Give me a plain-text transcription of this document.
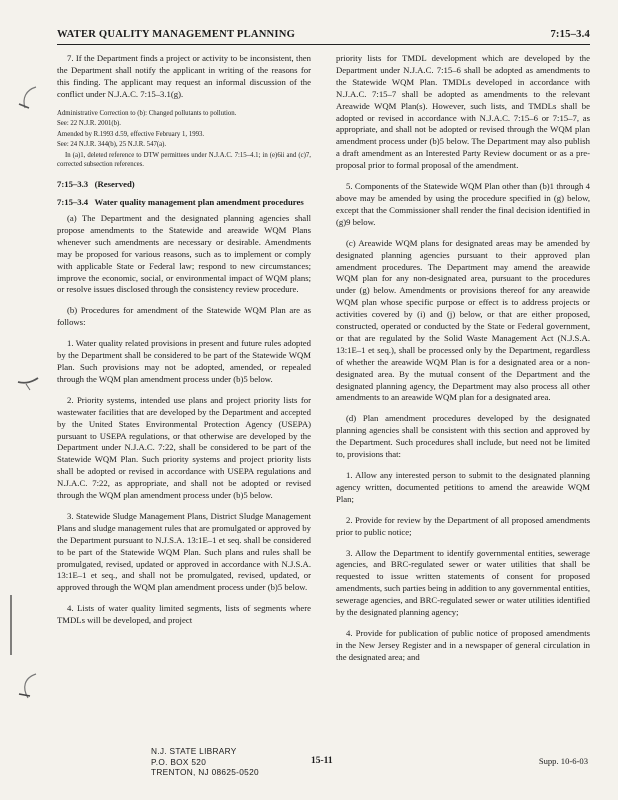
WATER QUALITY MANAGEMENT PLANNING	7:15–3.4

7. If the Department finds a project or activity to be inconsistent, then the Department shall notify the applicant in writing of the reasons for this finding. The applicant may request an informal discussion of the conflict under N.J.A.C. 7:15–3.1(g).

Administrative Correction to (b): Changed pollutants to pollution.

See: 22 N.J.R. 2001(b).

Amended by R.1993 d.59, effective February 1, 1993.

See: 24 N.J.R. 344(b), 25 N.J.R. 547(a).

In (a)1, deleted reference to DTW permittees under N.J.A.C. 7:15–4.1; in (e)6ii and (c)7, corrected subsection references.

7:15–3.3   (Reserved)

7:15–3.4   Water quality management plan amendment procedures

(a) The Department and the designated planning agencies shall propose amendments to the Statewide and areawide WQM Plans whenever such amendments are necessary or desirable. Amendments may be proposed for various reasons, such as to implement or comply with applicable State or Federal law; respond to new circumstances; improve the economic, social, or environmental impact of WQM plans; or resolve issues disclosed through the consistency review procedure.

(b) Procedures for amendment of the Statewide WQM Plan are as follows:

1. Water quality related provisions in present and future rules adopted by the Department shall be considered to be part of the Statewide WQM Plan. Such provisions may not be adopted, amended, or repealed through the WQM plan amendment process under (b)5 below.

2. Priority systems, intended use plans and project priority lists for wastewater facilities that are developed by the Department and accepted by the United States Environmental Protection Agency (USEPA) pursuant to USEPA regulations, or that otherwise are developed by the Department under N.J.A.C. 7:22, shall be considered to be part of the Statewide WQM Plan. Such priority systems and project priority lists shall be adopted or revised in accordance with USEPA regulations and N.J.A.C. 7:22, as appropriate, and shall not be adopted or revised through the WQM plan amendment process under (b)5 below.

3. Statewide Sludge Management Plans, District Sludge Management Plans and sludge management rules that are promulgated or approved by the Department pursuant to N.J.S.A. 13:1E–1 et seq. shall be considered to be part of the Statewide WQM Plan. Such plans and rules shall be promulgated, revised, updated or approved in accordance with N.J.S.A. 13:1E–1 et seq., and shall not be promulgated, revised, updated, or approved through the WQM plan amendment process under (b)5 below.

4. Lists of water quality limited segments, lists of segments where TMDLs will be developed, and project

priority lists for TMDL development which are developed by the Department under N.J.A.C. 7:15–6 shall be adopted as amendments to the Statewide WQM Plan. TMDLs developed in accordance with N.J.A.C. 7:15–7 shall be adopted as amendments to the relevant Areawide WQM Plan(s). However, such lists, and TMDLs shall be adopted or revised in accordance with N.J.A.C. 7:15–6 or 7:15–7, as appropriate, and shall not be adopted or revised through the WQM plan amendment process under (b)5 below. The Department may also publish a draft amendment as an Interested Party Review document or as a pre-proposal prior to formal proposal of the amendment.

5. Components of the Statewide WQM Plan other than (b)1 through 4 above may be amended by using the procedure specified in (g) below, except that the Commissioner shall render the final decision identified in (g)9 below.

(c) Areawide WQM plans for designated areas may be amended by designated planning agencies pursuant to their approved plan amendment procedures. The Department may amend the areawide WQM plan for any non-designated area, pursuant to the procedures under (g) below. Amendments or provisions thereof for any areawide WQM plan whose specific purpose or effect is to address projects or activities covered by (i) and (j) below, or that are either proposed, constructed, operated or conducted by the State or Federal government, or that are regulated by the Solid Waste Management Act (N.J.S.A. 13:1E–1 et seq.), shall be processed only by the Department, regardless of whether the areawide WQM Plan is for a designated area or a non-designated area. By the mutual consent of the Department and the designated planning agency, the Department may also process all other amendments to an areawide WQM plan for a designated area.

(d) Plan amendment procedures developed by the designated planning agencies shall be consistent with this section and approved by the Department. Such procedures shall include, but need not be limited to, provisions that:

1. Allow any interested person to submit to the designated planning agency written, documented petitions to amend the areawide WQM Plan;

2. Provide for review by the Department of all proposed amendments prior to public notice;

3. Allow the Department to identify governmental entities, sewerage agencies, and BRC-regulated sewer or water utilities that shall be requested to issue written statements of consent for proposed amendments, such parties being in addition to any governmental entities, sewerage agencies, and BRC-regulated sewer or water utilities identified by the designated planning agency;

4. Provide for publication of public notice of proposed amendments in the New Jersey Register and in a newspaper of general circulation in the designated area; and

N.J. STATE LIBRARY
P.O. BOX 520
TRENTON, NJ 08625-0520
15-11	Supp. 10-6-03
